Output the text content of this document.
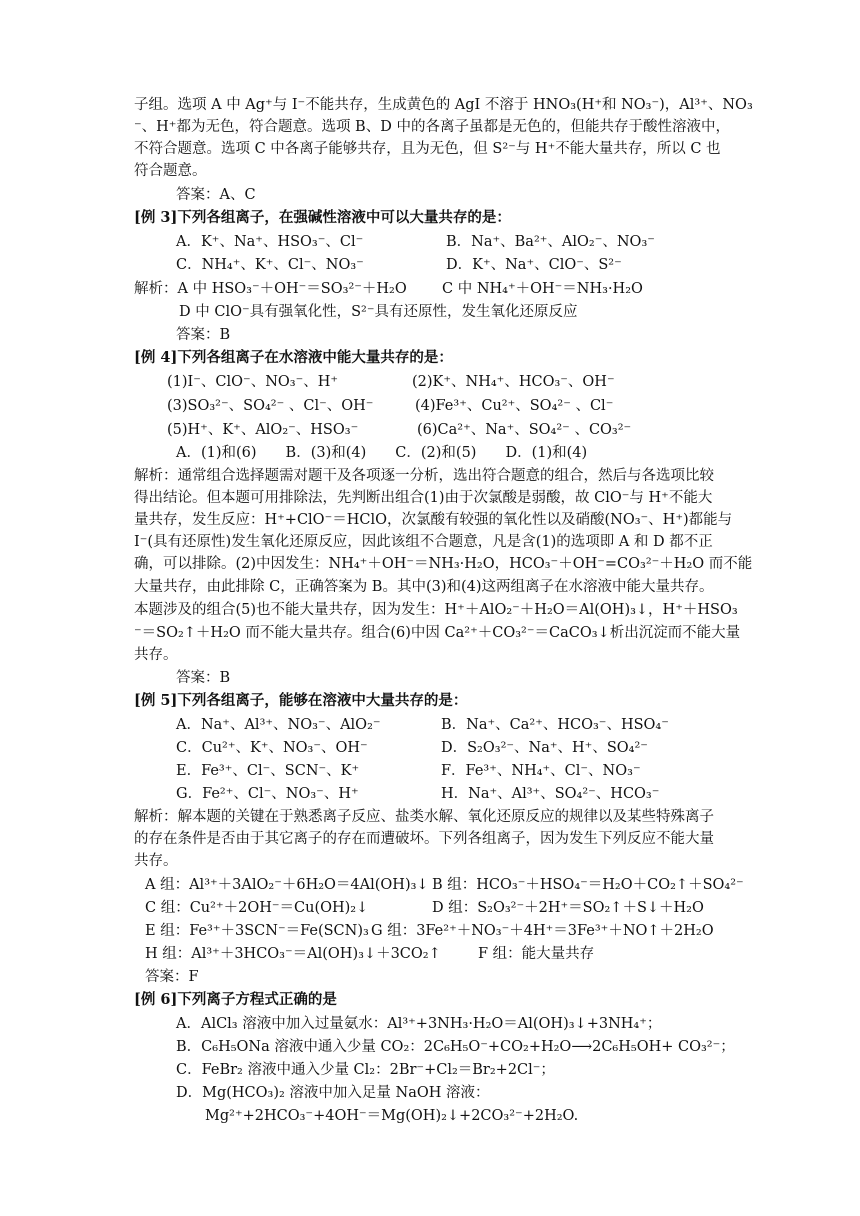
子组。选项 A 中 Ag⁺与 I⁻不能共存，生成黄色的 AgI 不溶于 HNO₃(H⁺和 NO₃⁻)，Al³⁺、NO₃
⁻、H⁺都为无色，符合题意。选项 B、D 中的各离子虽都是无色的，但能共存于酸性溶液中，
不符合题意。选项 C 中各离子能够共存，且为无色，但 S²⁻与 H⁺不能大量共存，所以 C 也
符合题意。
答案：A、C
[例 3]下列各组离子，在强碱性溶液中可以大量共存的是：
A．K⁺、Na⁺、HSO₃⁻、Cl⁻	B．Na⁺、Ba²⁺、AlO₂⁻、NO₃⁻
C．NH₄⁺、K⁺、Cl⁻、NO₃⁻	D．K⁺、Na⁺、ClO⁻、S²⁻
解析：A 中 HSO₃⁻＋OH⁻＝SO₃²⁻＋H₂O C 中 NH₄⁺＋OH⁻＝NH₃·H₂O
D 中 ClO⁻具有强氧化性，S²⁻具有还原性，发生氧化还原反应
答案：B
[例 4]下列各组离子在水溶液中能大量共存的是：
(1)I⁻、ClO⁻、NO₃⁻、H⁺	(2)K⁺、NH₄⁺、HCO₃⁻、OH⁻
(3)SO₃²⁻、SO₄²⁻ 、Cl⁻、OH⁻	(4)Fe³⁺、Cu²⁺、SO₄²⁻ 、Cl⁻
(5)H⁺、K⁺、AlO₂⁻、HSO₃⁻	(6)Ca²⁺、Na⁺、SO₄²⁻ 、CO₃²⁻
A．(1)和(6)　　B．(3)和(4)　　C．(2)和(5)　　D．(1)和(4)
解析：通常组合选择题需对题干及各项逐一分析，选出符合题意的组合，然后与各选项比较
得出结论。但本题可用排除法，先判断出组合(1)由于次氯酸是弱酸，故 ClO⁻与 H⁺不能大
量共存，发生反应：H⁺+ClO⁻＝HClO，次氯酸有较强的氧化性以及硝酸(NO₃⁻、H⁺)都能与
I⁻(具有还原性)发生氧化还原反应，因此该组不合题意，凡是含(1)的选项即 A 和 D 都不正
确，可以排除。(2)中因发生：NH₄⁺＋OH⁻＝NH₃·H₂O，HCO₃⁻＋OH⁻=CO₃²⁻＋H₂O 而不能
大量共存，由此排除 C，正确答案为 B。其中(3)和(4)这两组离子在水溶液中能大量共存。
本题涉及的组合(5)也不能大量共存，因为发生：H⁺＋AlO₂⁻＋H₂O＝Al(OH)₃↓，H⁺＋HSO₃
⁻＝SO₂↑＋H₂O 而不能大量共存。组合(6)中因 Ca²⁺＋CO₃²⁻＝CaCO₃↓析出沉淀而不能大量
共存。
答案：B
[例 5]下列各组离子，能够在溶液中大量共存的是：
A．Na⁺、Al³⁺、NO₃⁻、AlO₂⁻	B．Na⁺、Ca²⁺、HCO₃⁻、HSO₄⁻
C．Cu²⁺、K⁺、NO₃⁻、OH⁻	D．S₂O₃²⁻、Na⁺、H⁺、SO₄²⁻
E．Fe³⁺、Cl⁻、SCN⁻、K⁺	F．Fe³⁺、NH₄⁺、Cl⁻、NO₃⁻
G．Fe²⁺、Cl⁻、NO₃⁻、H⁺	H．Na⁺、Al³⁺、SO₄²⁻、HCO₃⁻
解析：解本题的关键在于熟悉离子反应、盐类水解、氧化还原反应的规律以及某些特殊离子
的存在条件是否由于其它离子的存在而遭破坏。下列各组离子，因为发生下列反应不能大量
共存。
A 组：Al³⁺＋3AlO₂⁻＋6H₂O＝4Al(OH)₃↓ B 组：HCO₃⁻＋HSO₄⁻＝H₂O＋CO₂↑＋SO₄²⁻
C 组：Cu²⁺＋2OH⁻＝Cu(OH)₂↓	D 组：S₂O₃²⁻＋2H⁺＝SO₂↑＋S↓＋H₂O
E 组：Fe³⁺＋3SCN⁻＝Fe(SCN)₃ G 组：3Fe²⁺＋NO₃⁻＋4H⁺＝3Fe³⁺＋NO↑＋2H₂O
H 组：Al³⁺＋3HCO₃⁻＝Al(OH)₃↓＋3CO₂↑	F 组：能大量共存
答案：F
[例 6]下列离子方程式正确的是
A．AlCl₃ 溶液中加入过量氨水：Al³⁺+3NH₃·H₂O＝Al(OH)₃↓+3NH₄⁺；
B．C₆H₅ONa 溶液中通入少量 CO₂：2C₆H₅O⁻+CO₂+H₂O⟶2C₆H₅OH+ CO₃²⁻；
C．FeBr₂ 溶液中通入少量 Cl₂：2Br⁻+Cl₂＝Br₂+2Cl⁻；
D．Mg(HCO₃)₂ 溶液中加入足量 NaOH 溶液：
Mg²⁺+2HCO₃⁻+4OH⁻＝Mg(OH)₂↓+2CO₃²⁻+2H₂O.
